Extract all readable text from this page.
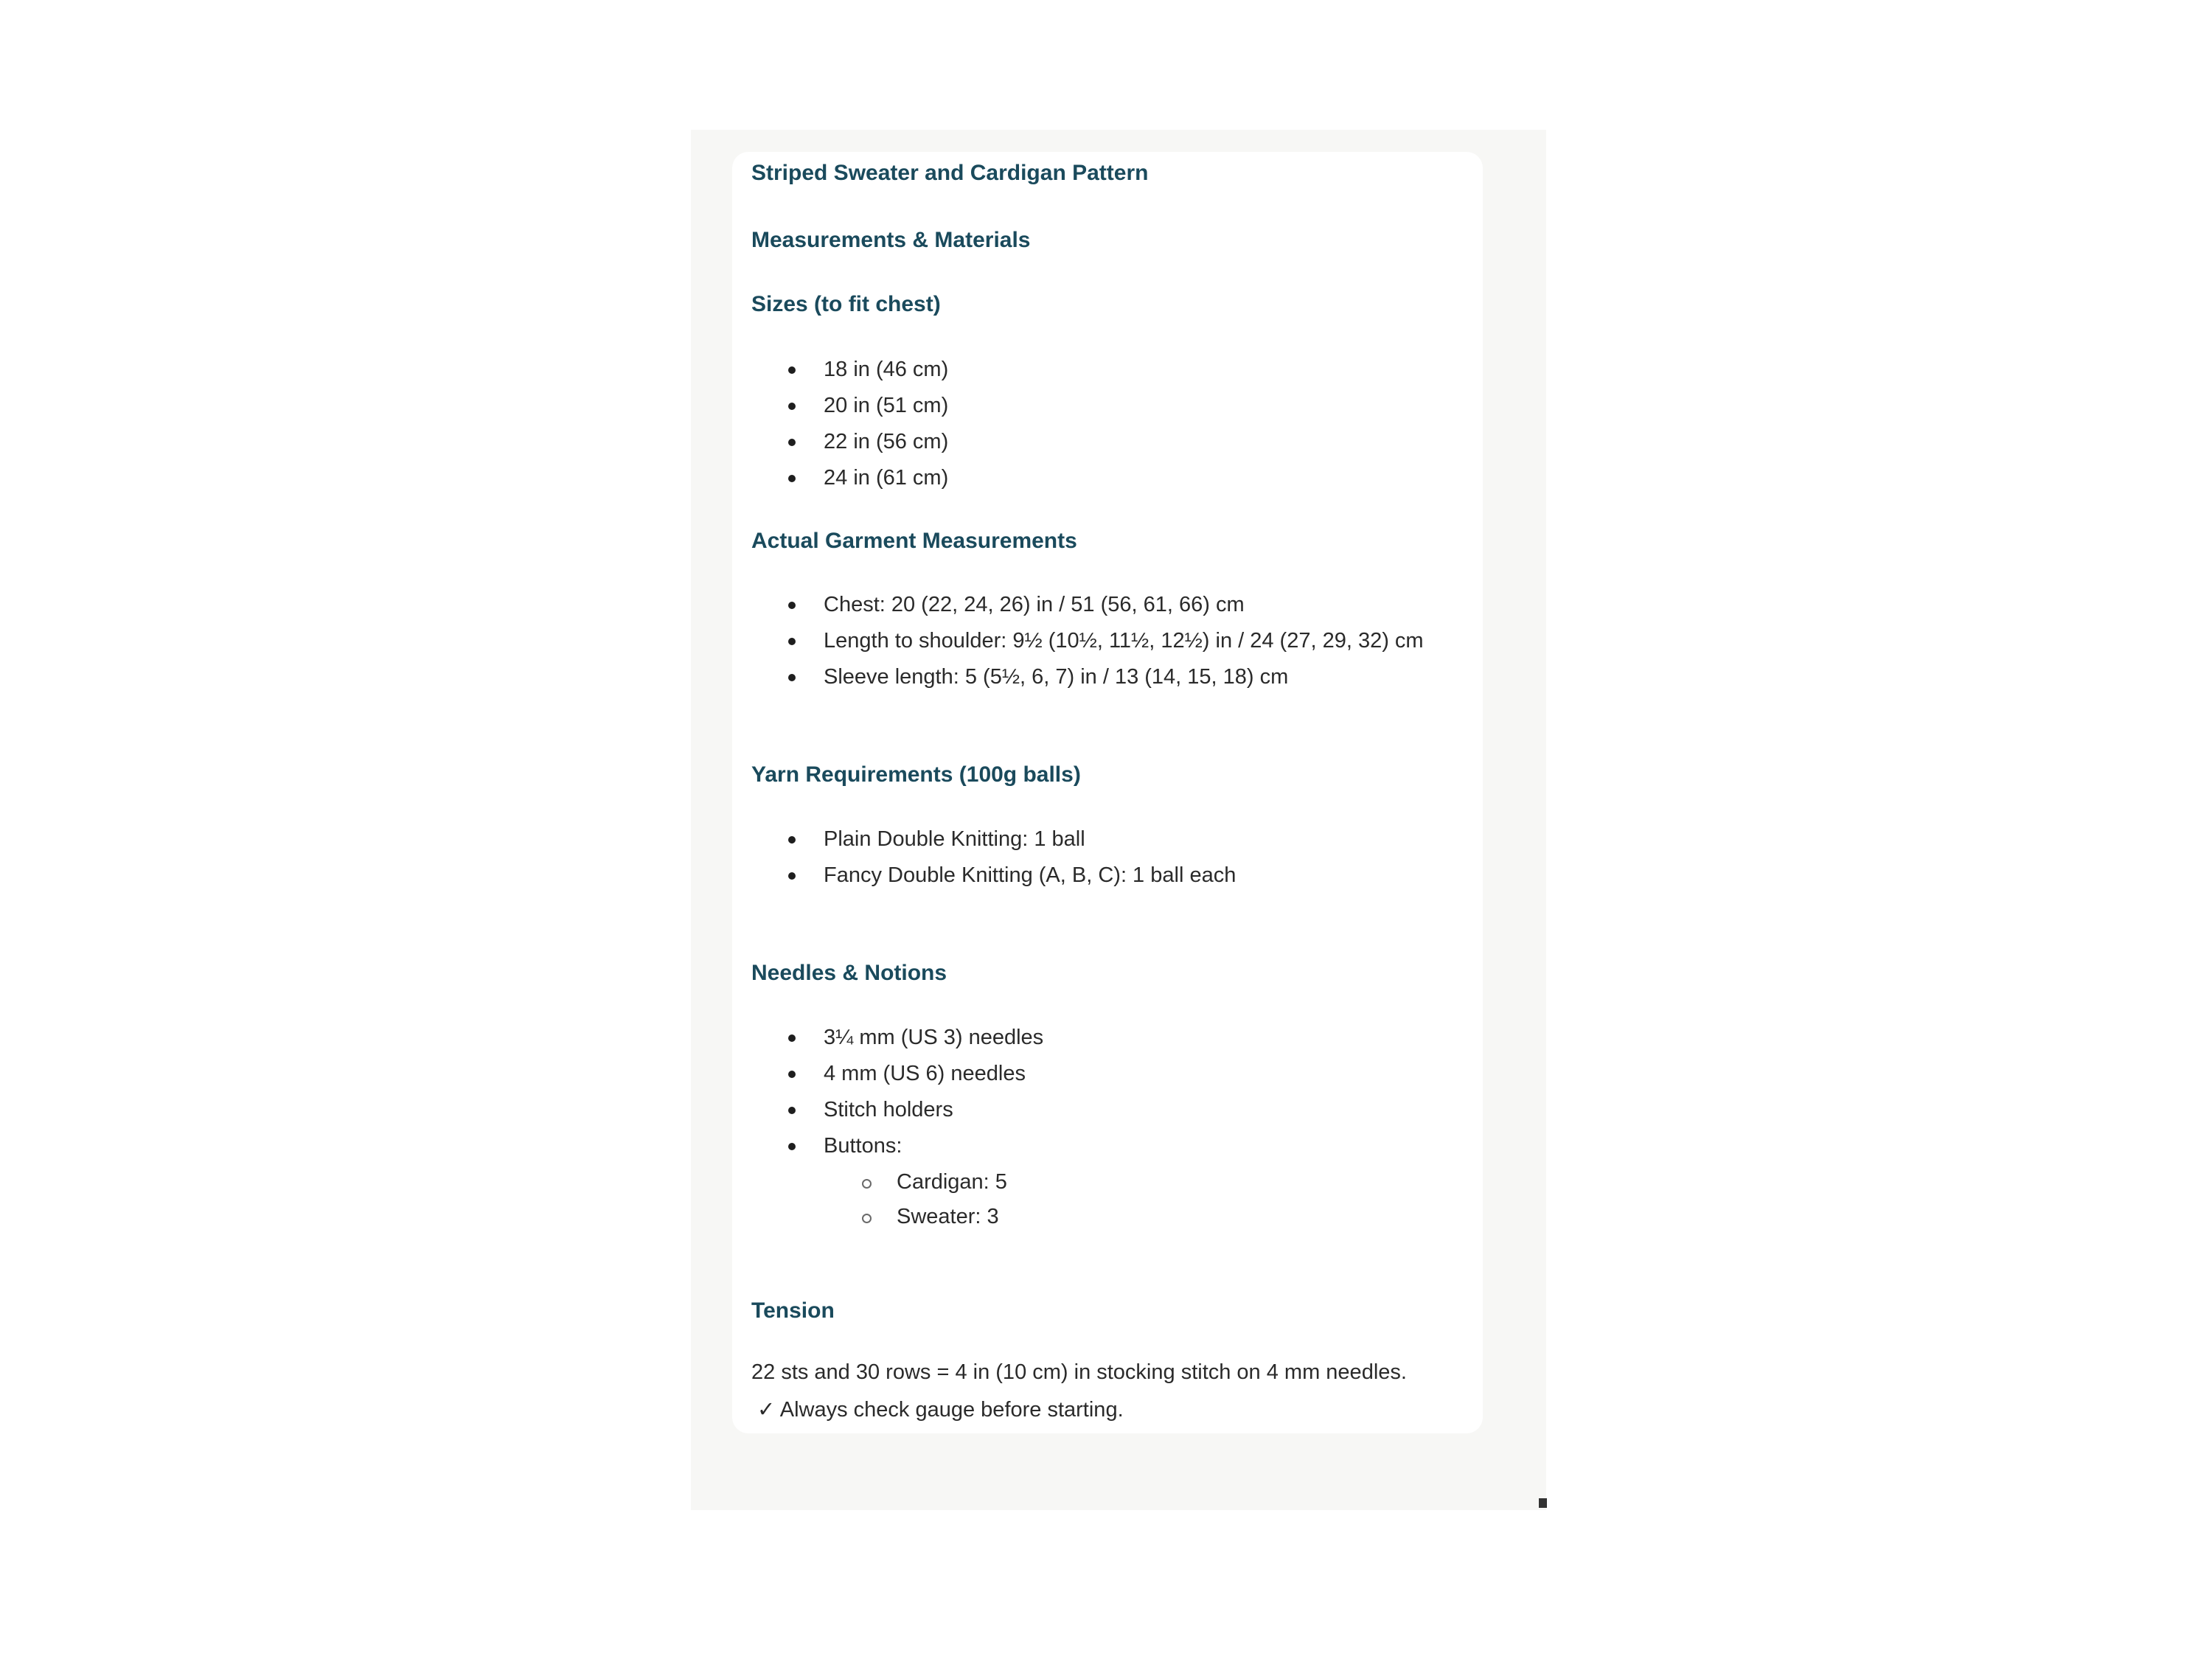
Striped Sweater and Cardigan Pattern
Measurements & Materials
Sizes (to fit chest)
18 in (46 cm)
20 in (51 cm)
22 in (56 cm)
24 in (61 cm)
Actual Garment Measurements
Chest: 20 (22, 24, 26) in / 51 (56, 61, 66) cm
Length to shoulder: 9½ (10½, 11½, 12½) in / 24 (27, 29, 32) cm
Sleeve length: 5 (5½, 6, 7) in / 13 (14, 15, 18) cm
Yarn Requirements (100g balls)
Plain Double Knitting: 1 ball
Fancy Double Knitting (A, B, C): 1 ball each
Needles & Notions
3¼ mm (US 3) needles
4 mm (US 6) needles
Stitch holders
Buttons:
Cardigan: 5
Sweater: 3
Tension

22 sts and 30 rows = 4 in (10 cm) in stocking stitch on 4 mm needles.

✓ Always check gauge before starting.
